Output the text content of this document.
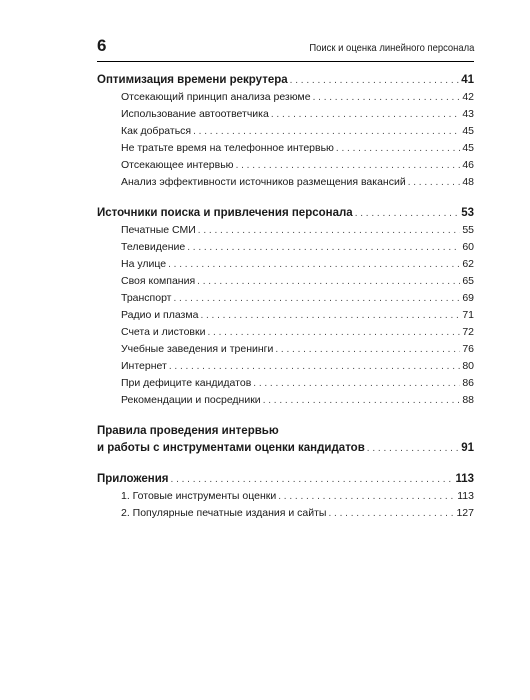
6	Поиск и оценка линейного персонала
Оптимизация времени рекрутера . . .	41
Отсекающий принцип анализа резюме . . .	42
Использование автоответчика . . .	43
Как добраться . . .	45
Не тратьте время на телефонное интервью . . .	45
Отсекающее интервью . . .	46
Анализ эффективности источников размещения вакансий . . .	48
Источники поиска и привлечения персонала . . .	53
Печатные СМИ . . .	55
Телевидение . . .	60
На улице . . .	62
Своя компания . . .	65
Транспорт . . .	69
Радио и плазма . . .	71
Счета и листовки . . .	72
Учебные заведения и тренинги . . .	76
Интернет . . .	80
При дефиците кандидатов . . .	86
Рекомендации и посредники . . .	88
Правила проведения интервью
и работы с инструментами оценки кандидатов . . .	91
Приложения . . .	113
1. Готовые инструменты оценки . . .	113
2. Популярные печатные издания и сайты . . .	127
